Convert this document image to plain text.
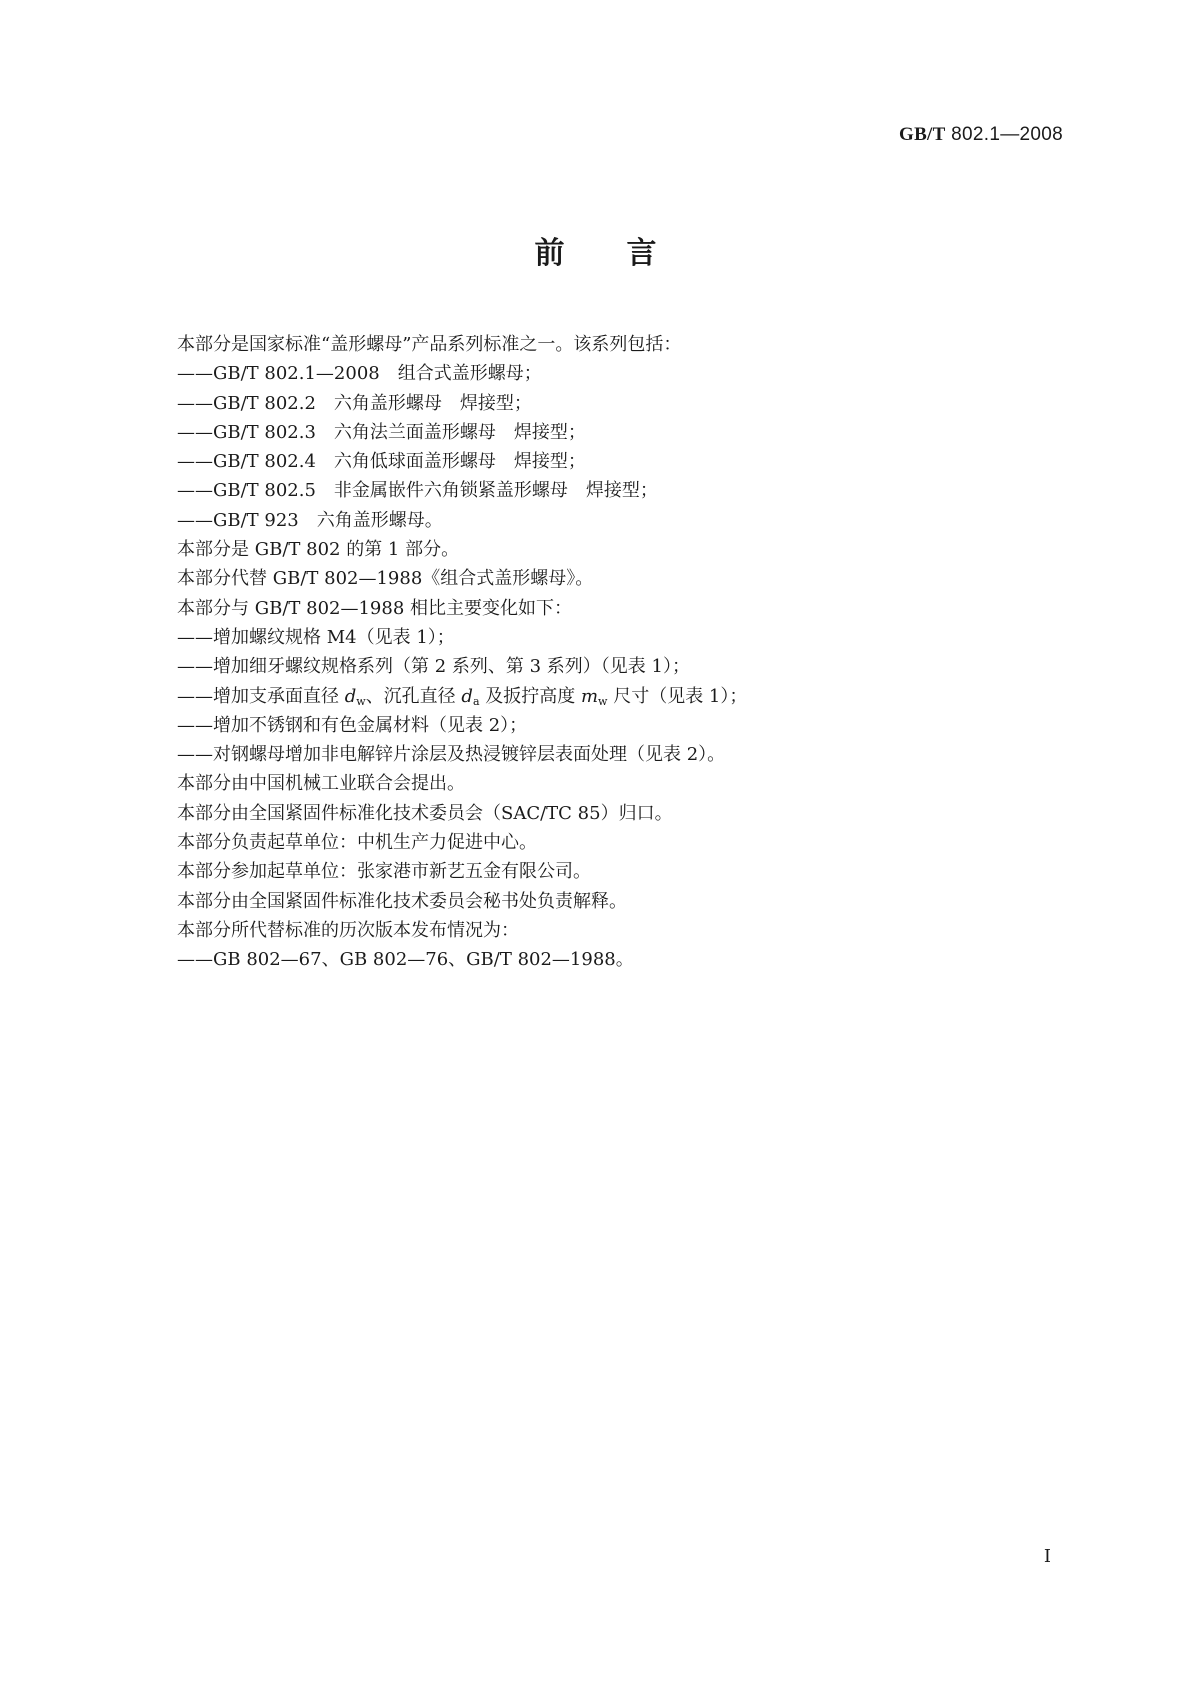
GB/T 802.1—2008
前言
本部分是国家标准“盖形螺母”产品系列标准之一。该系列包括：
——GB/T 802.1—2008　组合式盖形螺母；
——GB/T 802.2　六角盖形螺母　焊接型；
——GB/T 802.3　六角法兰面盖形螺母　焊接型；
——GB/T 802.4　六角低球面盖形螺母　焊接型；
——GB/T 802.5　非金属嵌件六角锁紧盖形螺母　焊接型；
——GB/T 923　六角盖形螺母。
本部分是 GB/T 802 的第 1 部分。
本部分代替 GB/T 802—1988《组合式盖形螺母》。
本部分与 GB/T 802—1988 相比主要变化如下：
——增加螺纹规格 M4（见表 1）；
——增加细牙螺纹规格系列（第 2 系列、第 3 系列）（见表 1）；
——增加支承面直径 $d_w$、沉孔直径 $d_a$ 及扳拧高度 $m_w$ 尺寸（见表 1）；
——增加不锈钢和有色金属材料（见表 2）；
——对钢螺母增加非电解锌片涂层及热浸镀锌层表面处理（见表 2）。
本部分由中国机械工业联合会提出。
本部分由全国紧固件标准化技术委员会（SAC/TC 85）归口。
本部分负责起草单位：中机生产力促进中心。
本部分参加起草单位：张家港市新艺五金有限公司。
本部分由全国紧固件标准化技术委员会秘书处负责解释。
本部分所代替标准的历次版本发布情况为：
——GB 802—67、GB 802—76、GB/T 802—1988。
I
